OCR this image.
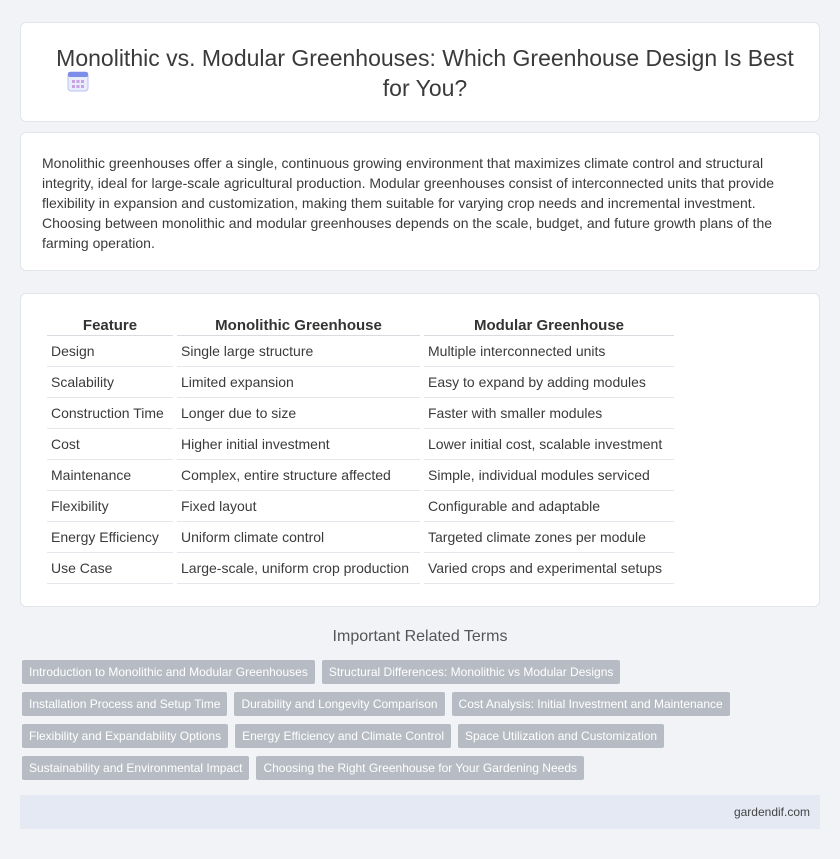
Monolithic vs. Modular Greenhouses: Which Greenhouse Design Is Best for You?

Monolithic greenhouses offer a single, continuous growing environment that maximizes climate control and structural integrity, ideal for large-scale agricultural production. Modular greenhouses consist of interconnected units that provide flexibility in expansion and customization, making them suitable for varying crop needs and incremental investment. Choosing between monolithic and modular greenhouses depends on the scale, budget, and future growth plans of the farming operation.

Feature	Monolithic Greenhouse	Modular Greenhouse
Design	Single large structure	Multiple interconnected units
Scalability	Limited expansion	Easy to expand by adding modules
Construction Time	Longer due to size	Faster with smaller modules
Cost	Higher initial investment	Lower initial cost, scalable investment
Maintenance	Complex, entire structure affected	Simple, individual modules serviced
Flexibility	Fixed layout	Configurable and adaptable
Energy Efficiency	Uniform climate control	Targeted climate zones per module
Use Case	Large-scale, uniform crop production	Varied crops and experimental setups
Important Related Terms
Introduction to Monolithic and Modular Greenhouses	Structural Differences: Monolithic vs Modular Designs
Installation Process and Setup Time	Durability and Longevity Comparison	Cost Analysis: Initial Investment and Maintenance
Flexibility and Expandability Options	Energy Efficiency and Climate Control	Space Utilization and Customization
Sustainability and Environmental Impact	Choosing the Right Greenhouse for Your Gardening Needs
gardendif.com
